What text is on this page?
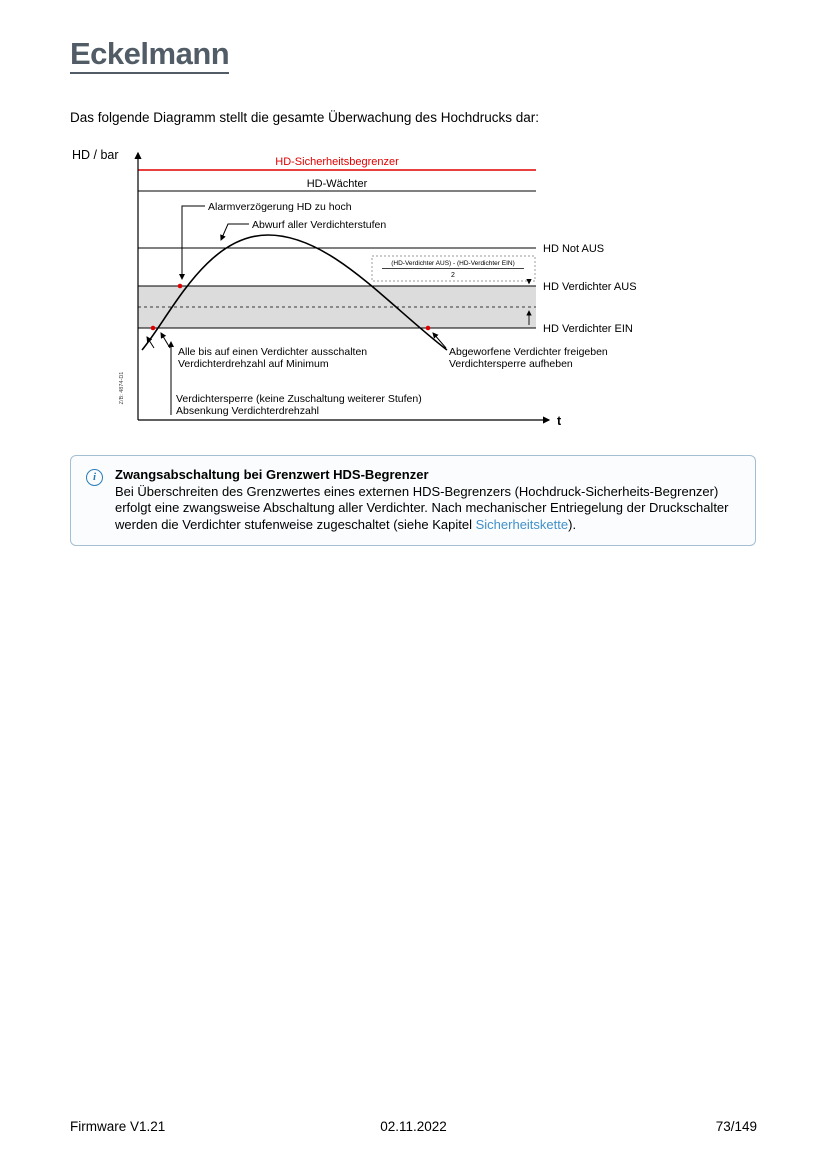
Eckelmann
Das folgende Diagramm stellt die gesamte Überwachung des Hochdrucks dar:
HD-Sicherheitsbegrenzer
HD-Wächter
HD Not AUS
HD Verdichter AUS
HD Verdichter EIN
(HD-Verdichter AUS) - (HD-Verdichter EIN)
2
HD / bar
t
Alarmverzögerung HD zu hoch
Abwurf aller Verdichterstufen
Alle bis auf einen Verdichter ausschalten
Verdichterdrehzahl auf Minimum
Abgeworfene Verdichter freigeben
Verdichtersperre aufheben
Verdichtersperre (keine Zuschaltung weiterer Stufen)
Absenkung Verdichterdrehzahl
Z/B: 4874-D1
i	Zwangsabschaltung bei Grenzwert HDS-Begrenzer
Bei Überschreiten des Grenzwertes eines externen HDS-Begrenzers (Hochdruck-Sicherheits-Begrenzer) erfolgt eine zwangsweise Abschaltung aller Verdichter. Nach mechanischer Entriegelung der Druckschalter werden die Verdichter stufenweise zugeschaltet (siehe Kapitel Sicherheitskette).
Firmware V1.21	02.11.2022	73/149
